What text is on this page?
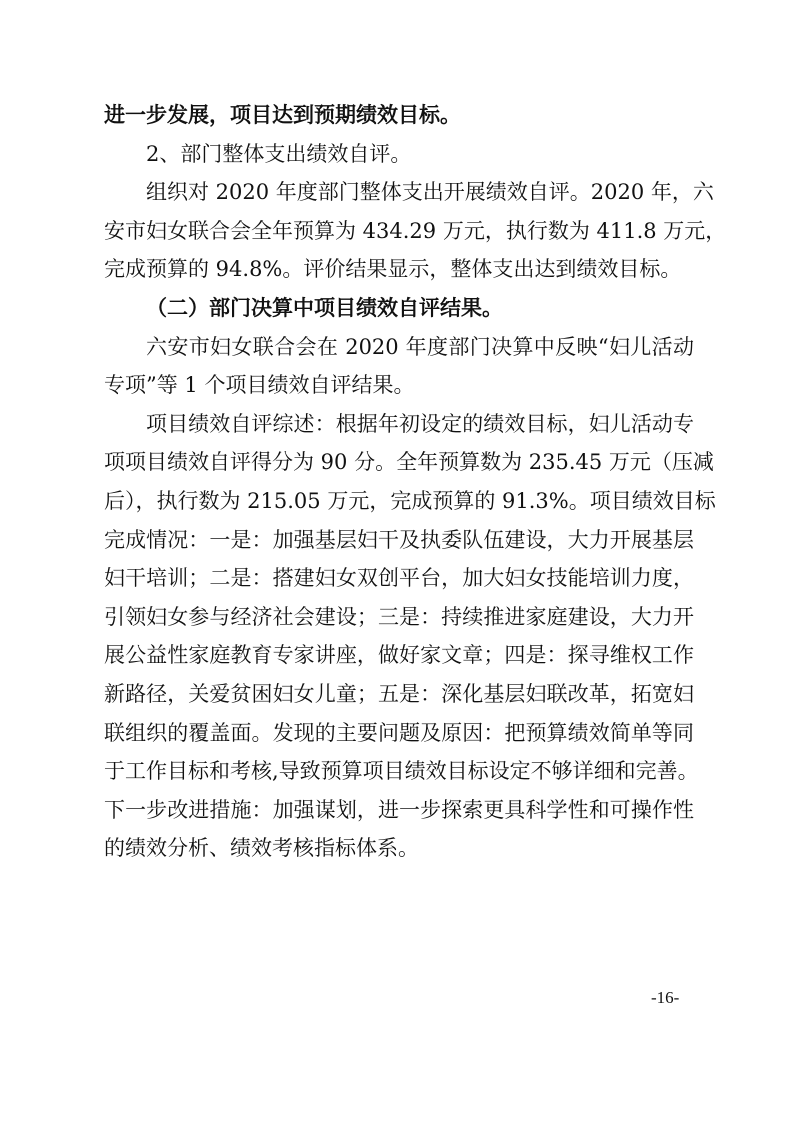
进一步发展，项目达到预期绩效目标。
2、部门整体支出绩效自评。
组织对 2020 年度部门整体支出开展绩效自评。2020 年，六
安市妇女联合会全年预算为 434.29 万元，执行数为 411.8 万元，
完成预算的 94.8%。评价结果显示，整体支出达到绩效目标。
（二）部门决算中项目绩效自评结果。
六安市妇女联合会在 2020 年度部门决算中反映“妇儿活动
专项”等 1 个项目绩效自评结果。
项目绩效自评综述：根据年初设定的绩效目标，妇儿活动专
项项目绩效自评得分为 90 分。全年预算数为 235.45 万元（压减
后），执行数为 215.05 万元，完成预算的 91.3%。项目绩效目标
完成情况：一是：加强基层妇干及执委队伍建设，大力开展基层
妇干培训；二是：搭建妇女双创平台，加大妇女技能培训力度，
引领妇女参与经济社会建设；三是：持续推进家庭建设，大力开
展公益性家庭教育专家讲座，做好家文章；四是：探寻维权工作
新路径，关爱贫困妇女儿童；五是：深化基层妇联改革，拓宽妇
联组织的覆盖面。发现的主要问题及原因：把预算绩效简单等同
于工作目标和考核,导致预算项目绩效目标设定不够详细和完善。
下一步改进措施：加强谋划，进一步探索更具科学性和可操作性
的绩效分析、绩效考核指标体系。
-16-
